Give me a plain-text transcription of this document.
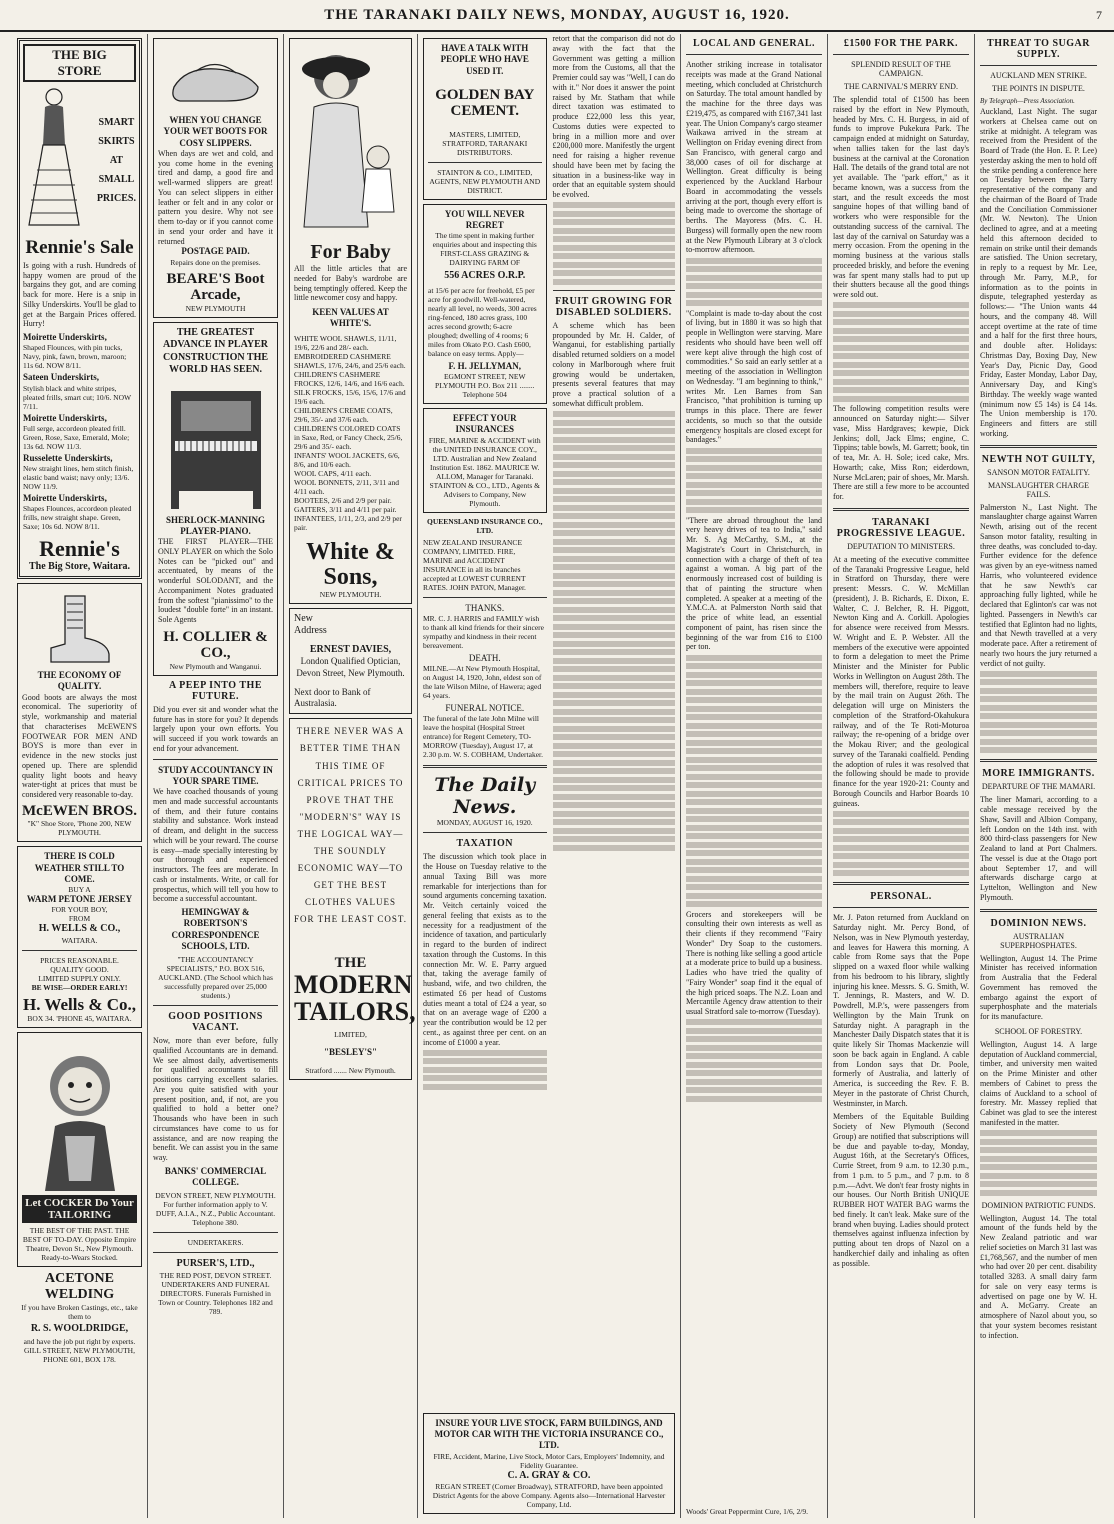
THE TARANAKI DAILY NEWS, MONDAY, AUGUST 16, 1920.	7
THE BIG STORE
SMART
SKIRTS
AT
SMALL
PRICES.
Rennie's Sale
Is going with a rush. Hundreds of happy women are proud of the bargains they got, and are coming back for more. Here is a snip in Silky Underskirts. You'll be glad to get at the Bargain Prices offered. Hurry!
Moirette Underskirts,
Shaped Flounces, with pin tucks, Navy, pink, fawn, brown, maroon; 11s 6d. NOW 8/11.
Sateen Underskirts,
Stylish black and white stripes, pleated frills, smart cut; 10/6. NOW 7/11.
Moirette Underskirts,
Full serge, accordeon pleated frill. Green, Rose, Saxe, Emerald, Mole; 13s 6d. NOW 11/3.
Russelette Underskirts,
New straight lines, hem stitch finish, elastic band waist; navy only; 13/6. NOW 11/9.
Moirette Underskirts,
Shapes Flounces, accordeon pleated frills, new straight shape. Green, Saxe; 10s 6d. NOW 8/11.
Rennie's
The Big Store, Waitara.
THE ECONOMY OF QUALITY.
Good boots are always the most economical. The superiority of style, workmanship and material that characterises McEWEN'S FOOTWEAR FOR MEN AND BOYS is more than ever in evidence in the new stocks just opened up. There are splendid quality light boots and heavy water-tight at prices that must be considered very reasonable to-day.
McEWEN BROS.
"K" Shoe Store, 'Phone 200, NEW PLYMOUTH.
THERE IS COLD WEATHER STILL TO COME.
BUY A
WARM PETONE JERSEY
FOR YOUR BOY,
FROM
H. WELLS & CO.,
WAITARA.
PRICES REASONABLE.
QUALITY GOOD.
LIMITED SUPPLY ONLY.
BE WISE—ORDER EARLY!
H. Wells & Co.,
BOX 34. 'PHONE 45, WAITARA.
Let COCKER Do Your TAILORING
THE BEST OF THE PAST. THE BEST OF TO-DAY. Opposite Empire Theatre, Devon St., New Plymouth. Ready-to-Wears Stocked.
ACETONE WELDING
If you have Broken Castings, etc., take them to
R. S. WOOLDRIDGE,
and have the job put right by experts. GILL STREET, NEW PLYMOUTH, PHONE 601, BOX 178.
WHEN YOU CHANGE YOUR WET BOOTS FOR COSY SLIPPERS.
When days are wet and cold, and you come home in the evening tired and damp, a good fire and well-warmed slippers are great! You can select slippers in either leather or felt and in any color or pattern you desire. Why not see them to-day or if you cannot come in send your order and have it returned
POSTAGE PAID.
Repairs done on the premises.
BEARE'S Boot Arcade,
NEW PLYMOUTH
THE GREATEST ADVANCE IN PLAYER CONSTRUCTION THE WORLD HAS SEEN.
SHERLOCK-MANNING PLAYER-PIANO.
THE FIRST PLAYER—THE ONLY PLAYER on which the Solo Notes can be "picked out" and accentuated, by means of the wonderful SOLODANT, and the Accompaniment Notes graduated from the softest "pianissimo" to the loudest "double forte" in an instant. Sole Agents
H. COLLIER & CO.,
New Plymouth and Wanganui.
A PEEP INTO THE FUTURE.
Did you ever sit and wonder what the future has in store for you? It depends largely upon your own efforts. You will succeed if you work towards an end for your advancement.
STUDY ACCOUNTANCY IN YOUR SPARE TIME.
We have coached thousands of young men and made successful accountants of them, and their future contains stability and substance. Work instead of dream, and delight in the success which will be your reward. The course is easy—made specially interesting by our thorough and experienced instructors. The fees are moderate. In cash or instalments. Write, or call for prospectus, which will tell you how to become a successful accountant.
HEMINGWAY & ROBERTSON'S CORRESPONDENCE SCHOOLS, LTD.
"THE ACCOUNTANCY SPECIALISTS," P.O. BOX 516, AUCKLAND. (The School which has successfully prepared over 25,000 students.)
GOOD POSITIONS VACANT.
Now, more than ever before, fully qualified Accountants are in demand. We see almost daily, advertisements for qualified accountants to fill positions carrying excellent salaries. Are you quite satisfied with your present position, and, if not, are you qualified to hold a better one? Thousands who have been in such circumstances have come to us for assistance, and are now reaping the benefit. We can assist you in the same way.
BANKS' COMMERCIAL COLLEGE.
DEVON STREET, NEW PLYMOUTH. For further information apply to V. DUFF, A.I.A., N.Z., Public Accountant. Telephone 380.
UNDERTAKERS.
PURSER'S, LTD.,
THE RED POST, DEVON STREET. UNDERTAKERS AND FUNERAL DIRECTORS. Funerals Furnished in Town or Country. Telephones 182 and 789.
For Baby
All the little articles that are needed for Baby's wardrobe are being temptingly offered. Keep the little newcomer cosy and happy.
KEEN VALUES AT WHITE'S.
WHITE WOOL SHAWLS, 11/11, 19/6, 22/6 and 28/- each.
EMBROIDERED CASHMERE SHAWLS, 17/6, 24/6, and 25/6 each.
CHILDREN'S CASHMERE FROCKS, 12/6, 14/6, and 16/6 each.
SILK FROCKS, 15/6, 15/6, 17/6 and 19/6 each.
CHILDREN'S CREME COATS, 29/6, 35/- and 37/6 each.
CHILDREN'S COLORED COATS in Saxe, Red, or Fancy Check, 25/6, 29/6 and 35/- each.
INFANTS' WOOL JACKETS, 6/6, 8/6, and 10/6 each.
WOOL CAPS, 4/11 each.
WOOL BONNETS, 2/11, 3/11 and 4/11 each.
BOOTEES, 2/6 and 2/9 per pair.
GAITERS, 3/11 and 4/11 per pair.
INFANTEES, 1/11, 2/3, and 2/9 per pair.
White & Sons,
NEW PLYMOUTH.
New
Address
ERNEST DAVIES,
London Qualified Optician, Devon Street, New Plymouth.
Next door to Bank of Australasia.
THERE NEVER WAS A BETTER TIME THAN THIS TIME OF CRITICAL PRICES TO PROVE THAT THE "MODERN'S" WAY IS THE LOGICAL WAY—THE SOUNDLY ECONOMIC WAY—TO GET THE BEST CLOTHES VALUES FOR THE LEAST COST.
THE
MODERN
TAILORS,
LIMITED,
"BESLEY'S"
Stratford ....... New Plymouth.
HAVE A TALK WITH PEOPLE WHO HAVE USED IT.
GOLDEN BAY CEMENT.
MASTERS, LIMITED, STRATFORD, TARANAKI DISTRIBUTORS.
STAINTON & CO., LIMITED, AGENTS, NEW PLYMOUTH AND DISTRICT.
YOU WILL NEVER REGRET
The time spent in making further enquiries about and inspecting this FIRST-CLASS GRAZING & DAIRYING FARM OF
556 ACRES O.R.P.
at 15/6 per acre for freehold, £5 per acre for goodwill. Well-watered, nearly all level, no weeds, 300 acres ring-fenced, 180 acres grass, 100 acres second growth; 6-acre ploughed; dwelling of 4 rooms; 6 miles from Okato P.O. Cash £600, balance on easy terms. Apply—
F. H. JELLYMAN,
EGMONT STREET, NEW PLYMOUTH P.O. Box 211 ........ Telephone 504
EFFECT YOUR INSURANCES
FIRE, MARINE & ACCIDENT with the UNITED INSURANCE COY., LTD. Australian and New Zealand Institution Est. 1862. MAURICE W. ALLOM, Manager for Taranaki. STAINTON & CO., LTD., Agents & Advisers to Company, New Plymouth.
QUEENSLAND INSURANCE CO., LTD.
NEW ZEALAND INSURANCE COMPANY, LIMITED. FIRE, MARINE and ACCIDENT INSURANCE in all its branches accepted at LOWEST CURRENT RATES. JOHN PATON, Manager.
THANKS.
MR. C. J. HARRIS and FAMILY wish to thank all kind friends for their sincere sympathy and kindness in their recent bereavement.
DEATH.
MILNE.—At New Plymouth Hospital, on August 14, 1920, John, eldest son of the late Wilson Milne, of Hawera; aged 64 years.
FUNERAL NOTICE.
The funeral of the late John Milne will leave the hospital (Hospital Street entrance) for Regent Cemetery, TO-MORROW (Tuesday), August 17, at 2.30 p.m. W. S. COBHAM, Undertaker.
The Daily News.
MONDAY, AUGUST 16, 1920.
TAXATION
The discussion which took place in the House on Tuesday relative to the annual Taxing Bill was more remarkable for interjections than for sound arguments concerning taxation. Mr. Veitch certainly voiced the general feeling that exists as to the necessity for a readjustment of the incidence of taxation, and particularly in regard to the burden of indirect taxation through the Customs. In this connection Mr. W. E. Parry argued that, taking the average family of husband, wife, and two children, the estimated £6 per head of Customs duties meant a total of £24 a year, so that on an average wage of £200 a year the contribution would be 12 per cent., as against three per cent. on an income of £1000 a year.
retort that the comparison did not do away with the fact that the Government was getting a million more from the Customs, all that the Premier could say was "Well, I can do with it." Nor does it answer the point raised by Mr. Statham that while direct taxation was estimated to produce £22,000 less this year, Customs duties were expected to bring in a million more and over £200,000 more. Manifestly the urgent need for raising a higher revenue should have been met by facing the situation in a business-like way in order that an equitable system should be evolved.
FRUIT GROWING FOR DISABLED SOLDIERS.
A scheme which has been propounded by Mr. H. Calder, of Wanganui, for establishing partially disabled returned soldiers on a model colony in Marlborough where fruit growing would be undertaken, presents several features that may prove a practical solution of a somewhat difficult problem.
INSURE YOUR LIVE STOCK, FARM BUILDINGS, AND MOTOR CAR WITH THE VICTORIA INSURANCE CO., LTD.
FIRE, Accident, Marine, Live Stock, Motor Cars, Employers' Indemnity, and Fidelity Guarantee.
C. A. GRAY & CO.
REGAN STREET (Corner Broadway), STRATFORD, have been appointed District Agents for the above Company. Agents also—International Harvester Company, Ltd.
LOCAL AND GENERAL.
Another striking increase in totalisator receipts was made at the Grand National meeting, which concluded at Christchurch on Saturday. The total amount handled by the machine for the three days was £219,475, as compared with £167,341 last year. The Union Company's cargo steamer Waikawa arrived in the stream at Wellington on Friday evening direct from San Francisco, with general cargo and 38,000 cases of oil for discharge at Wellington. Great difficulty is being experienced by the Auckland Harbour Board in accommodating the vessels arriving at the port, though every effort is being made to overcome the shortage of berths. The Mayoress (Mrs. C. H. Burgess) will formally open the new room at the New Plymouth Library at 3 o'clock to-morrow afternoon.
"Complaint is made to-day about the cost of living, but in 1880 it was so high that people in Wellington were starving. Mare residents who should have been well off were kept alive through the high cost of commodities." So said an early settler at a meeting of the association in Wellington on Wednesday. "I am beginning to think," writes Mr. Len Barnes from San Francisco, "that prohibition is turning up trumps in this place. There are fewer accidents, so much so that the outside emergency hospitals are closed except for bandages."
"There are abroad throughout the land very heavy drives of tea to India," said Mr. S. Ag McCarthy, S.M., at the Magistrate's Court in Christchurch, in connection with a charge of theft of tea against a woman. A big part of the enormously increased cost of building is that of painting the structure when completed. A speaker at a meeting of the Y.M.C.A. at Palmerston North said that the price of white lead, an essential component of paint, has risen since the beginning of the war from £16 to £100 per ton.
Grocers and storekeepers will be consulting their own interests as well as their clients if they recommend "Fairy Wonder" Dry Soap to the customers. There is nothing like selling a good article at a moderate price to build up a business. Ladies who have tried the quality of "Fairy Wonder" soap find it the equal of the high priced soaps. The N.Z. Loan and Mercantile Agency draw attention to their usual Stratford sale to-morrow (Tuesday).
Woods' Great Peppermint Cure, 1/6, 2/9.
£1500 FOR THE PARK.
SPLENDID RESULT OF THE CAMPAIGN.
THE CARNIVAL'S MERRY END.
The splendid total of £1500 has been raised by the effort in New Plymouth, headed by Mrs. C. H. Burgess, in aid of funds to improve Pukekura Park. The campaign ended at midnight on Saturday, when tallies taken for the last day's business at the carnival at the Coronation Hall. The details of the grand total are not yet available. The "park effort," as it became known, was a success from the start, and the result exceeds the most sanguine hopes of that willing band of workers who were responsible for the outstanding success of the carnival. The last day of the carnival on Saturday was a merry occasion. From the opening in the morning business at the various stalls proceeded briskly, and before the evening was far spent many stalls had to put up their shutters because all the good things were sold out.
The following competition results were announced on Saturday night:— Silver vase, Miss Hardgraves; kewpie, Dick Jenkins; doll, Jack Elms; engine, C. Tippins; table bowls, M. Garrett; book, tin of tea, Mr. A. H. Sole; iced cake, Mrs. Howarth; cake, Miss Ron; eiderdown, Nurse McLaren; pair of shoes, Mr. Marsh. There are still a few more to be accounted for.
TARANAKI PROGRESSIVE LEAGUE.
DEPUTATION TO MINISTERS.
At a meeting of the executive committee of the Taranaki Progressive League, held in Stratford on Thursday, there were present: Messrs. C. W. McMillan (president), J. B. Richards, E. Dixon, E. Walter, C. J. Belcher, R. H. Piggott, Newton King and A. Corkill. Apologies for absence were received from Messrs. W. Wright and E. P. Webster. All the members of the executive were appointed to form a delegation to meet the Prime Minister and the Minister for Public Works in Wellington on August 28th. The members will, therefore, require to leave by the mail train on August 26th. The delegation will urge on Ministers the completion of the Stratford-Okahukura railway, and of the Te Roti-Moturoa railway; the re-opening of a bridge over the Mokau River; and the geological survey of the Taranaki coalfield. Pending the adoption of rules it was resolved that the following should be made to provide finance for the year 1920-21: County and Borough Councils and Harbor Boards 10 guineas.
PERSONAL.
Mr. J. Paton returned from Auckland on Saturday night. Mr. Percy Bond, of Nelson, was in New Plymouth yesterday, and leaves for Hawera this morning. A cable from Rome says that the Pope slipped on a waxed floor while walking from his bedroom to his library, slightly injuring his knee. Messrs. S. G. Smith, W. T. Jennings, R. Masters, and W. D. Powdrell, M.P.'s, were passengers from Wellington by the Main Trunk on Saturday night. A paragraph in the Manchester Daily Dispatch states that it is quite likely Sir Thomas Mackenzie will soon be back again in England. A cable from London says that Dr. Poole, formerly of Australia, and latterly of America, is succeeding the Rev. F. B. Meyer in the pastorate of Christ Church, Westminster, in March.
Members of the Equitable Building Society of New Plymouth (Second Group) are notified that subscriptions will be due and payable to-day, Monday, August 16th, at the Secretary's Offices, Currie Street, from 9 a.m. to 12.30 p.m., from 1 p.m. to 5 p.m., and 7 p.m. to 8 p.m.—Advt. We don't fear frosty nights in our houses. Our North British UNIQUE RUBBER HOT WATER BAG warms the bed finely. It can't leak. Make sure of the brand when buying. Ladies should protect themselves against influenza infection by putting about ten drops of Nazol on a handkerchief daily and inhaling as often as possible.
THREAT TO SUGAR SUPPLY.
AUCKLAND MEN STRIKE.
THE POINTS IN DISPUTE.
By Telegraph—Press Association.
Auckland, Last Night. The sugar workers at Chelsea came out on strike at midnight. A telegram was received from the President of the Board of Trade (the Hon. E. P. Lee) yesterday asking the men to hold off the strike pending a conference here on Tuesday between the Tarry representative of the company and the chairman of the Board of Trade and the Conciliation Commissioner (Mr. W. Newton). The Union declined to agree, and at a meeting held this afternoon decided to remain on strike until their demands are satisfied. The Union secretary, in reply to a request by Mr. Lee, through Mr. Parry, M.P., for information as to the points in dispute, telegraphed yesterday as follows:— "The Union wants 44 hours, and the company 48. Will accept overtime at the rate of time and a half for the first three hours, and double after. Holidays: Christmas Day, Boxing Day, New Year's Day, Picnic Day, Good Friday, Easter Monday, Labor Day, Anniversary Day, and King's Birthday. The weekly wage wanted (minimum now £5 14s) is £4 14s. The Union membership is 170. Engineers and fitters are still working.
NEWTH NOT GUILTY,
SANSON MOTOR FATALITY.
MANSLAUGHTER CHARGE FAILS.
Palmerston N., Last Night. The manslaughter charge against Warren Newth, arising out of the recent Sanson motor fatality, resulting in three deaths, was concluded to-day. Further evidence for the defence was given by an eye-witness named Harris, who volunteered evidence that he saw Newth's car approaching fully lighted, while he declared that Eglinton's car was not lighted. Passengers in Newth's car testified that Eglinton had no lights, and that Newth travelled at a very moderate pace. After a retirement of nearly two hours the jury returned a verdict of not guilty.
MORE IMMIGRANTS.
DEPARTURE OF THE MAMARI.
The liner Mamari, according to a cable message received by the Shaw, Savill and Albion Company, left London on the 14th inst. with 800 third-class passengers for New Zealand to land at Port Chalmers. The vessel is due at the Otago port about September 17, and will afterwards discharge cargo at Lyttelton, Wellington and New Plymouth.
DOMINION NEWS.
AUSTRALIAN SUPERPHOSPHATES.
Wellington, August 14. The Prime Minister has received information from Australia that the Federal Government has removed the embargo against the export of superphosphate and the materials for its manufacture.
SCHOOL OF FORESTRY.
Wellington, August 14. A large deputation of Auckland commercial, timber, and university men waited on the Prime Minister and other members of Cabinet to press the claims of Auckland to a school of forestry. Mr. Massey replied that Cabinet was glad to see the interest manifested in the matter.
DOMINION PATRIOTIC FUNDS.
Wellington, August 14. The total amount of the funds held by the New Zealand patriotic and war relief societies on March 31 last was £1,768,567, and the number of men who had over 20 per cent. disability totalled 3283. A small dairy farm for sale on very easy terms is advertised on page one by W. H. and A. McGarry. Create an atmosphere of Nazol about you, so that your system becomes resistant to infection.
